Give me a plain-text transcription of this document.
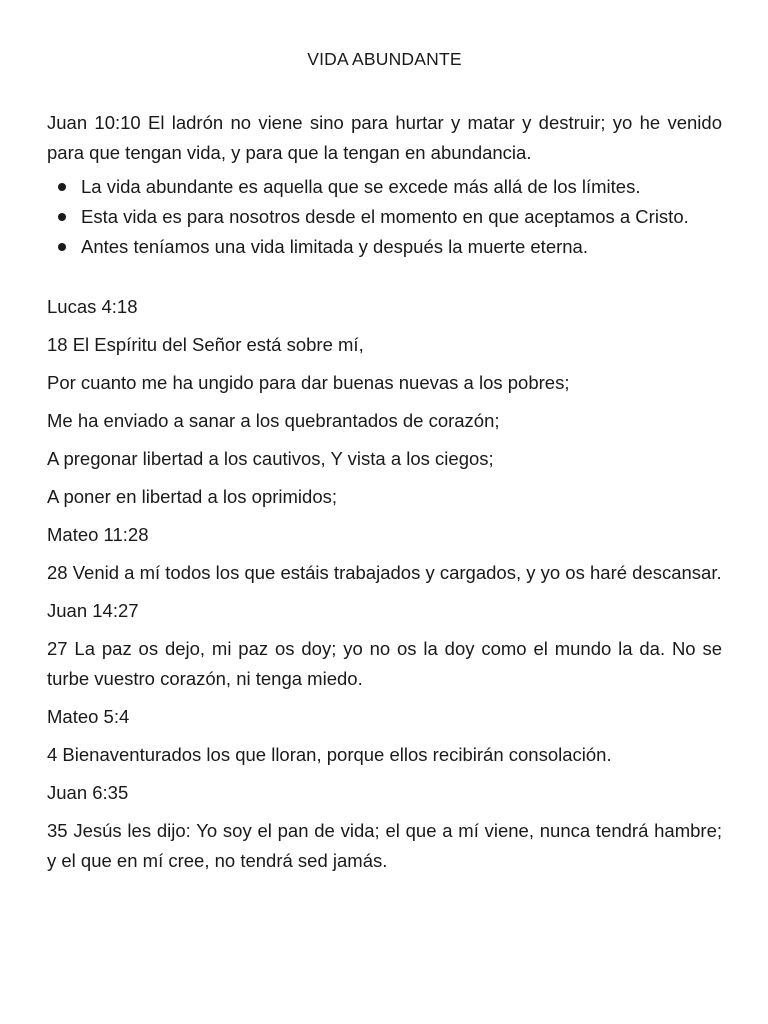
VIDA ABUNDANTE

Juan 10:10 El ladrón no viene sino para hurtar y matar y destruir; yo he venido para que tengan vida, y para que la tengan en abundancia.

La vida abundante es aquella que se excede más allá de los límites.
Esta vida es para nosotros desde el momento en que aceptamos a Cristo.
Antes teníamos una vida limitada y después la muerte eterna.

Lucas 4:18

18 El Espíritu del Señor está sobre mí,

Por cuanto me ha ungido para dar buenas nuevas a los pobres;

Me ha enviado a sanar a los quebrantados de corazón;

A pregonar libertad a los cautivos, Y vista a los ciegos;

A poner en libertad a los oprimidos;

Mateo 11:28

28 Venid a mí todos los que estáis trabajados y cargados, y yo os haré descansar.

Juan 14:27

27 La paz os dejo, mi paz os doy; yo no os la doy como el mundo la da. No se turbe vuestro corazón, ni tenga miedo.

Mateo 5:4

4 Bienaventurados los que lloran, porque ellos recibirán consolación.

Juan 6:35

35 Jesús les dijo: Yo soy el pan de vida; el que a mí viene, nunca tendrá hambre; y el que en mí cree, no tendrá sed jamás.
